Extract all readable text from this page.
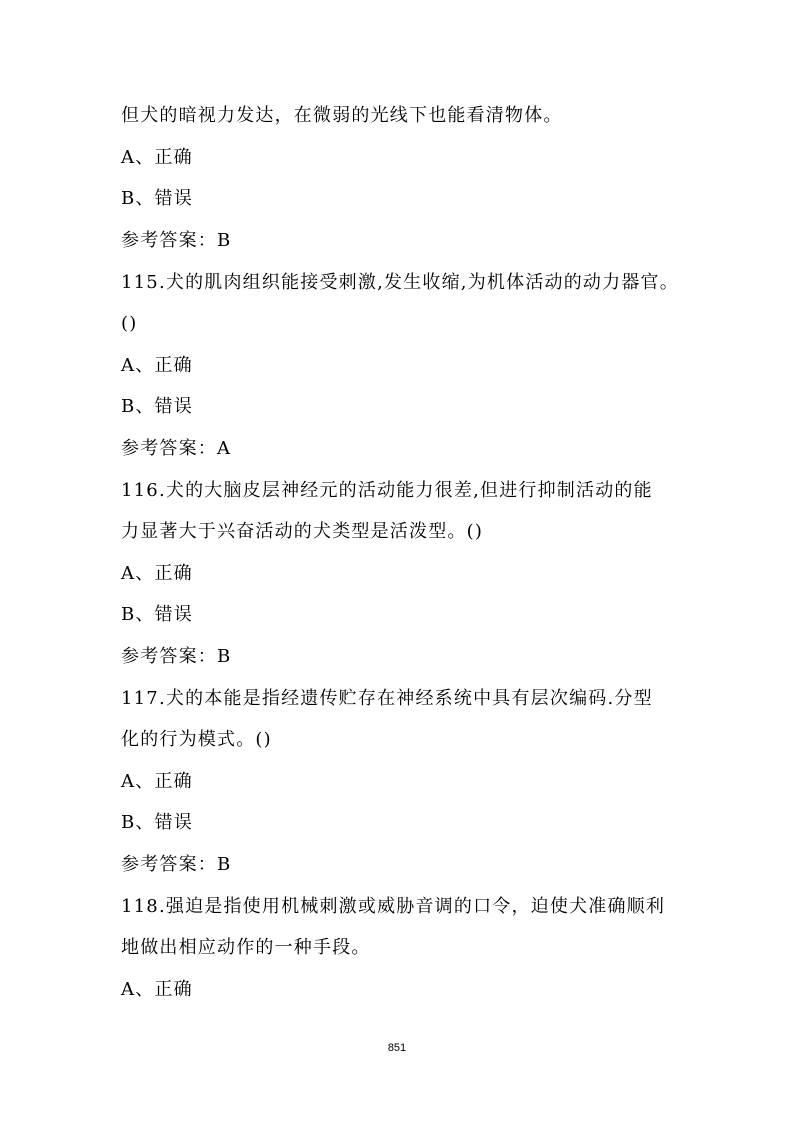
但犬的暗视力发达，在微弱的光线下也能看清物体。
A、正确
B、错误
参考答案：B
115.犬的肌肉组织能接受刺激,发生收缩,为机体活动的动力器官。
()
A、正确
B、错误
参考答案：A
116.犬的大脑皮层神经元的活动能力很差,但进行抑制活动的能
力显著大于兴奋活动的犬类型是活泼型。()
A、正确
B、错误
参考答案：B
117.犬的本能是指经遗传贮存在神经系统中具有层次编码.分型
化的行为模式。()
A、正确
B、错误
参考答案：B
118.强迫是指使用机械刺激或威胁音调的口令，迫使犬准确顺利
地做出相应动作的一种手段。
A、正确
851
